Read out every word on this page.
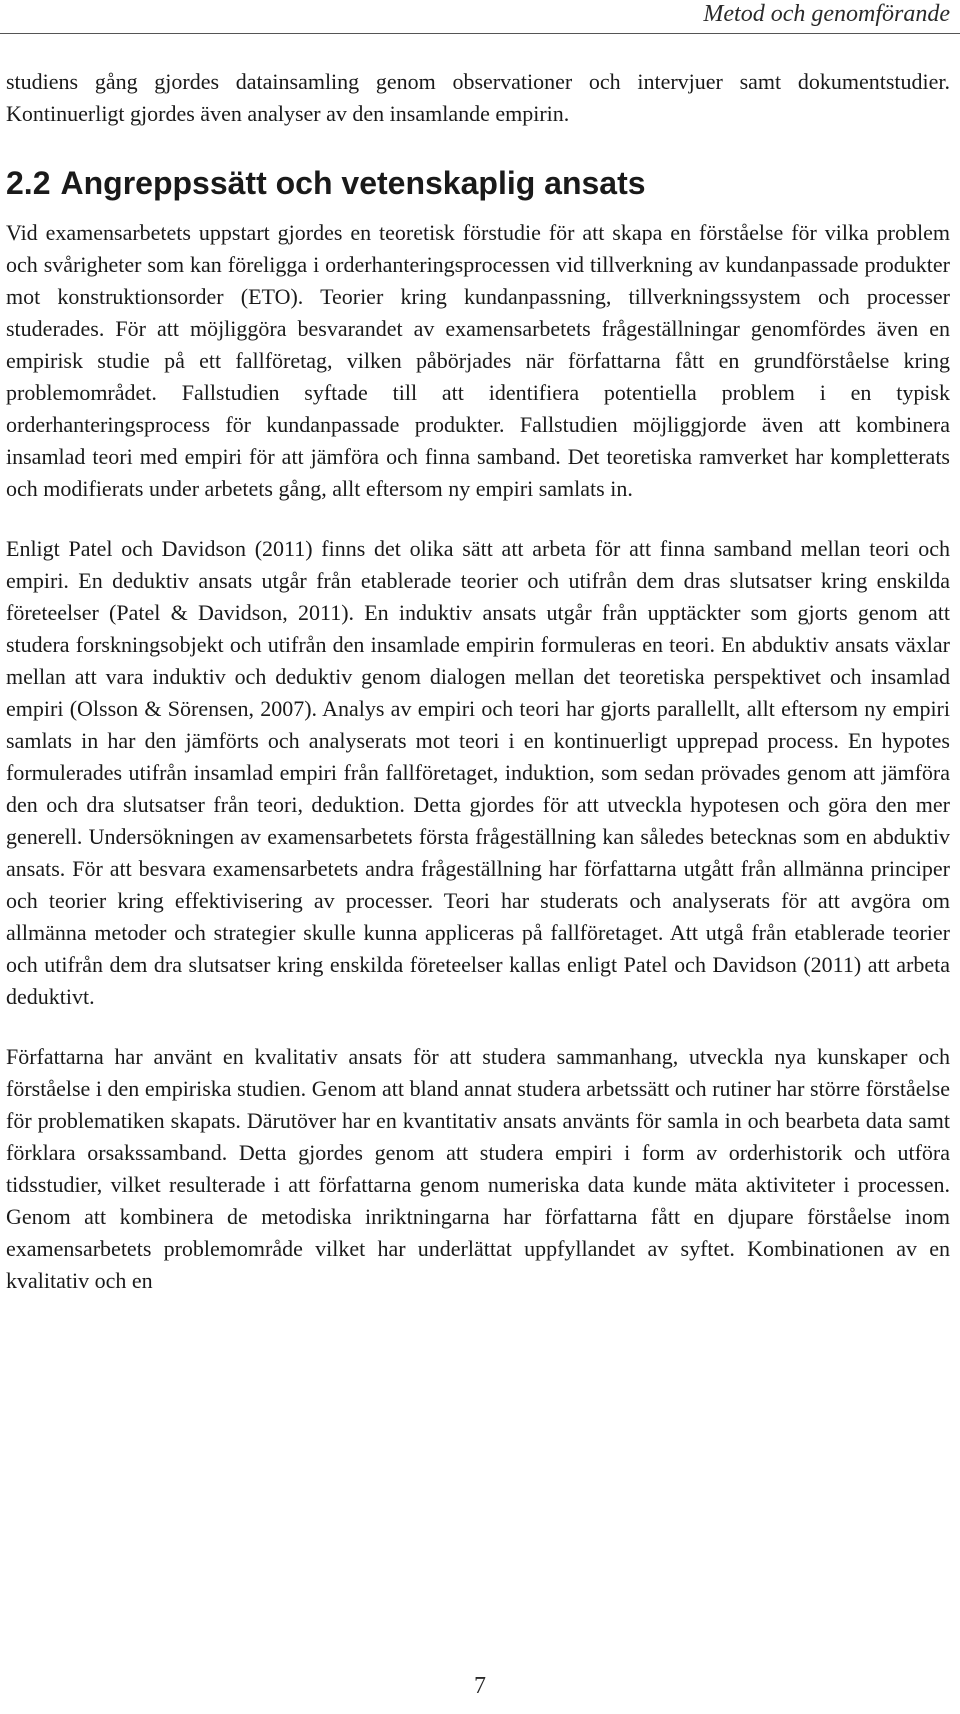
Metod och genomförande

studiens gång gjordes datainsamling genom observationer och intervjuer samt dokumentstudier. Kontinuerligt gjordes även analyser av den insamlande empirin.

2.2 Angreppssätt och vetenskaplig ansats

Vid examensarbetets uppstart gjordes en teoretisk förstudie för att skapa en förståelse för vilka problem och svårigheter som kan föreligga i orderhanteringsprocessen vid tillverkning av kundanpassade produkter mot konstruktionsorder (ETO). Teorier kring kundanpassning, tillverkningssystem och processer studerades. För att möjliggöra besvarandet av examensarbetets frågeställningar genomfördes även en empirisk studie på ett fallföretag, vilken påbörjades när författarna fått en grundförståelse kring problemområdet. Fallstudien syftade till att identifiera potentiella problem i en typisk orderhanteringsprocess för kundanpassade produkter. Fallstudien möjliggjorde även att kombinera insamlad teori med empiri för att jämföra och finna samband. Det teoretiska ramverket har kompletterats och modifierats under arbetets gång, allt eftersom ny empiri samlats in.

Enligt Patel och Davidson (2011) finns det olika sätt att arbeta för att finna samband mellan teori och empiri. En deduktiv ansats utgår från etablerade teorier och utifrån dem dras slutsatser kring enskilda företeelser (Patel & Davidson, 2011). En induktiv ansats utgår från upptäckter som gjorts genom att studera forskningsobjekt och utifrån den insamlade empirin formuleras en teori. En abduktiv ansats växlar mellan att vara induktiv och deduktiv genom dialogen mellan det teoretiska perspektivet och insamlad empiri (Olsson & Sörensen, 2007). Analys av empiri och teori har gjorts parallellt, allt eftersom ny empiri samlats in har den jämförts och analyserats mot teori i en kontinuerligt upprepad process. En hypotes formulerades utifrån insamlad empiri från fallföretaget, induktion, som sedan prövades genom att jämföra den och dra slutsatser från teori, deduktion. Detta gjordes för att utveckla hypotesen och göra den mer generell. Undersökningen av examensarbetets första frågeställning kan således betecknas som en abduktiv ansats. För att besvara examensarbetets andra frågeställning har författarna utgått från allmänna principer och teorier kring effektivisering av processer. Teori har studerats och analyserats för att avgöra om allmänna metoder och strategier skulle kunna appliceras på fallföretaget. Att utgå från etablerade teorier och utifrån dem dra slutsatser kring enskilda företeelser kallas enligt Patel och Davidson (2011) att arbeta deduktivt.

Författarna har använt en kvalitativ ansats för att studera sammanhang, utveckla nya kunskaper och förståelse i den empiriska studien. Genom att bland annat studera arbetssätt och rutiner har större förståelse för problematiken skapats. Därutöver har en kvantitativ ansats använts för samla in och bearbeta data samt förklara orsakssamband. Detta gjordes genom att studera empiri i form av orderhistorik och utföra tidsstudier, vilket resulterade i att författarna genom numeriska data kunde mäta aktiviteter i processen. Genom att kombinera de metodiska inriktningarna har författarna fått en djupare förståelse inom examensarbetets problemområde vilket har underlättat uppfyllandet av syftet. Kombinationen av en kvalitativ och en

7
